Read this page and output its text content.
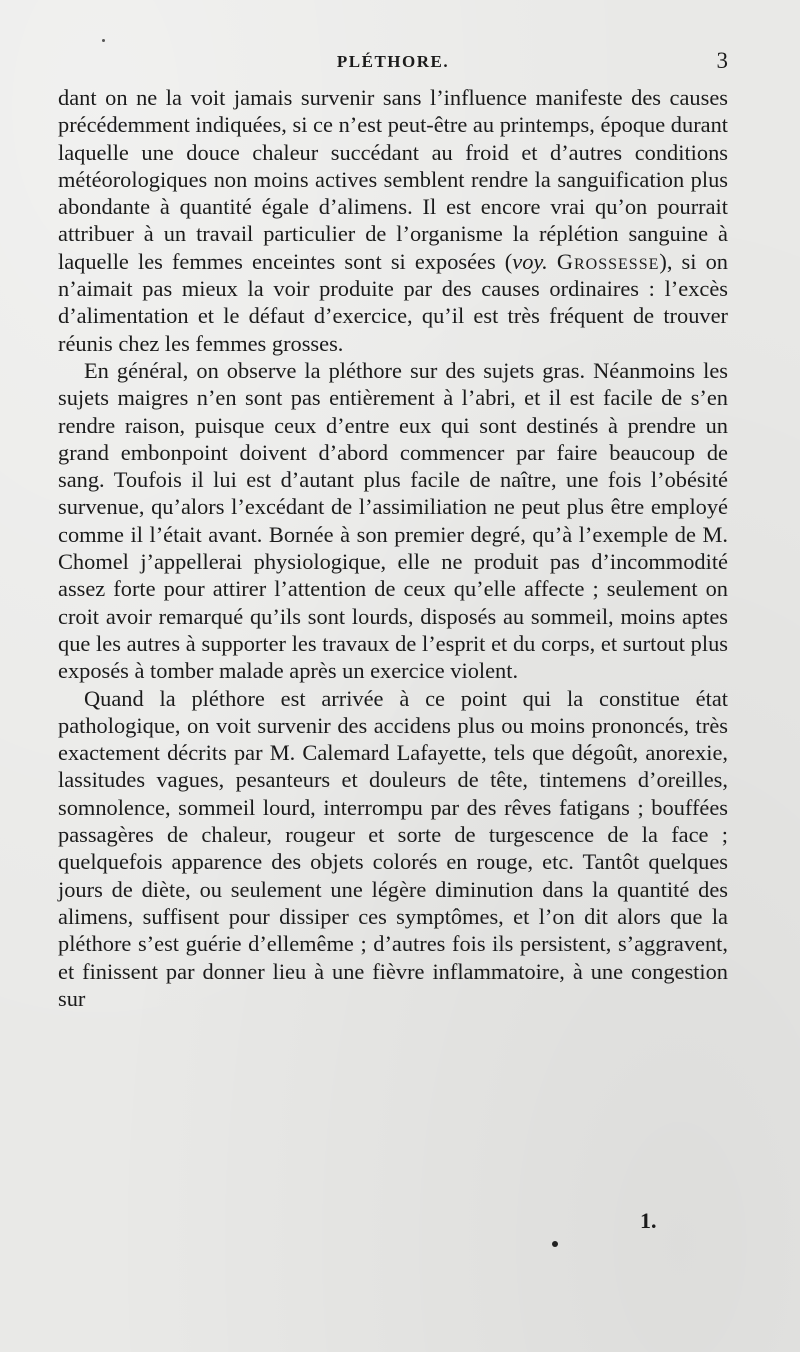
PLÉTHORE.	3

dant on ne la voit jamais survenir sans l’influence manifeste des causes précédemment indiquées, si ce n’est peut-être au printemps, époque durant laquelle une douce chaleur succédant au froid et d’autres conditions météorologiques non moins actives semblent rendre la sanguification plus abondante à quantité égale d’alimens. Il est encore vrai qu’on pourrait attribuer à un travail particulier de l’organisme la réplétion sanguine à laquelle les femmes enceintes sont si exposées (voy. Grossesse), si on n’aimait pas mieux la voir produite par des causes ordinaires : l’excès d’alimentation et le défaut d’exercice, qu’il est très fréquent de trouver réunis chez les femmes grosses.

En général, on observe la pléthore sur des sujets gras. Néanmoins les sujets maigres n’en sont pas entièrement à l’abri, et il est facile de s’en rendre raison, puisque ceux d’entre eux qui sont destinés à prendre un grand embonpoint doivent d’abord commencer par faire beaucoup de sang. Toufois il lui est d’autant plus facile de naître, une fois l’obésité survenue, qu’alors l’excédant de l’assimiliation ne peut plus être employé comme il l’était avant. Bornée à son premier degré, qu’à l’exemple de M. Chomel j’appellerai physiologique, elle ne produit pas d’incommodité assez forte pour attirer l’attention de ceux qu’elle affecte ; seulement on croit avoir remarqué qu’ils sont lourds, disposés au sommeil, moins aptes que les autres à supporter les travaux de l’esprit et du corps, et surtout plus exposés à tomber malade après un exercice violent.

Quand la pléthore est arrivée à ce point qui la constitue état pathologique, on voit survenir des accidens plus ou moins prononcés, très exactement décrits par M. Calemard Lafayette, tels que dégoût, anorexie, lassitudes vagues, pesanteurs et douleurs de tête, tintemens d’oreilles, somnolence, sommeil lourd, interrompu par des rêves fatigans ; bouffées passagères de chaleur, rougeur et sorte de turgescence de la face ; quelquefois apparence des objets colorés en rouge, etc. Tantôt quelques jours de diète, ou seulement une légère diminution dans la quantité des alimens, suffisent pour dissiper ces symptômes, et l’on dit alors que la pléthore s’est guérie d’ellemême ; d’autres fois ils persistent, s’aggravent, et finissent par donner lieu à une fièvre inflammatoire, à une congestion sur

1.
